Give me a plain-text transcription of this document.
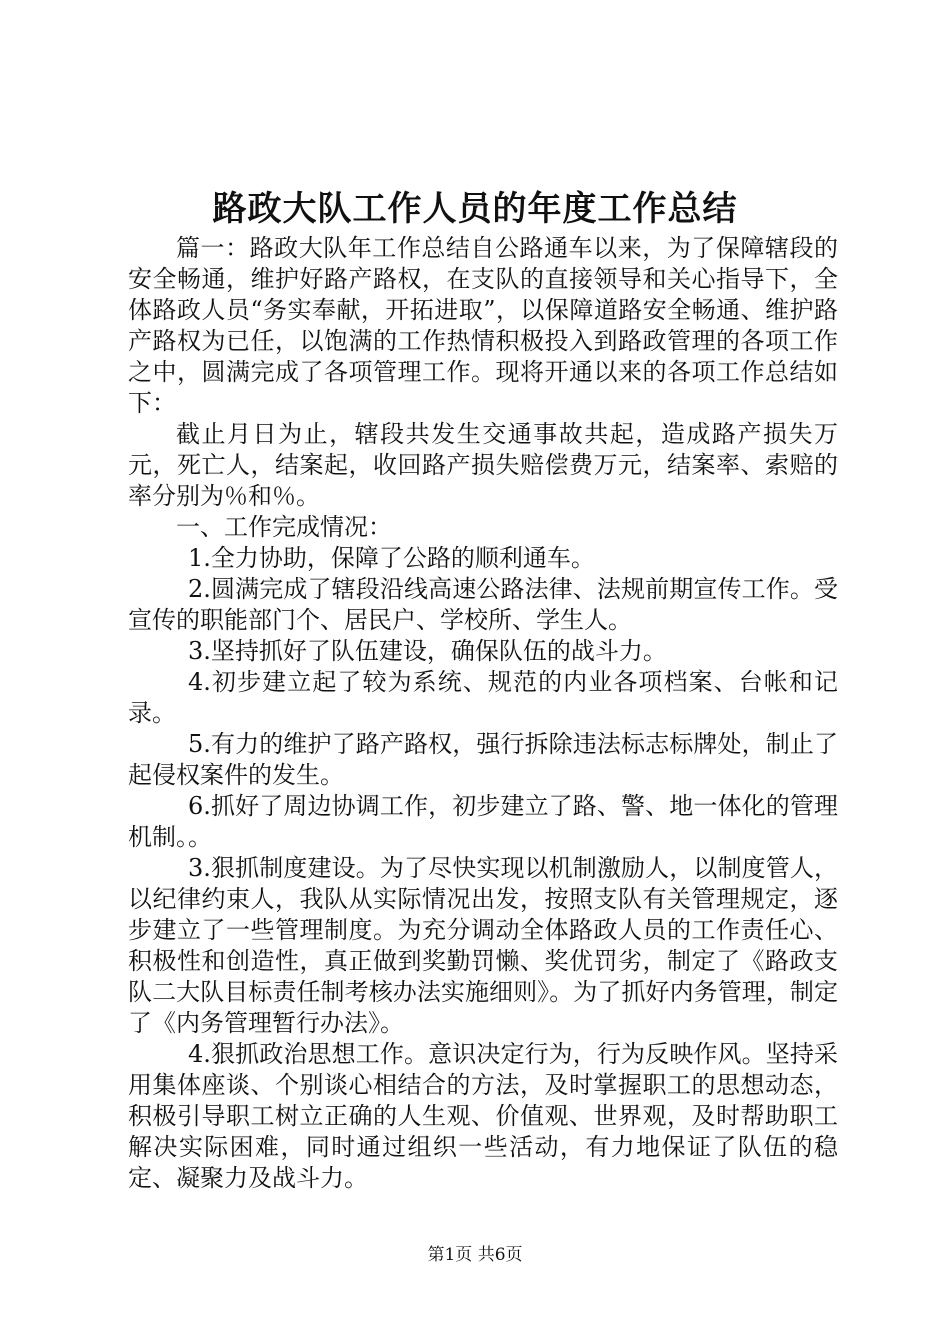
路政大队工作人员的年度工作总结

篇一：路政大队年工作总结自公路通车以来，为了保障辖段的安全畅通，维护好路产路权，在支队的直接领导和关心指导下，全体路政人员“务实奉献，开拓进取”，以保障道路安全畅通、维护路产路权为已任，以饱满的工作热情积极投入到路政管理的各项工作之中，圆满完成了各项管理工作。现将开通以来的各项工作总结如下：

截止月日为止，辖段共发生交通事故共起，造成路产损失万元，死亡人，结案起，收回路产损失赔偿费万元，结案率、索赔的率分别为％和％。

一、工作完成情况：

1.全力协助，保障了公路的顺利通车。

2.圆满完成了辖段沿线高速公路法律、法规前期宣传工作。受宣传的职能部门个、居民户、学校所、学生人。

3.坚持抓好了队伍建设，确保队伍的战斗力。

4.初步建立起了较为系统、规范的内业各项档案、台帐和记录。

5.有力的维护了路产路权，强行拆除违法标志标牌处，制止了起侵权案件的发生。

6.抓好了周边协调工作，初步建立了路、警、地一体化的管理机制。。

3.狠抓制度建设。为了尽快实现以机制激励人，以制度管人，以纪律约束人，我队从实际情况出发，按照支队有关管理规定，逐步建立了一些管理制度。为充分调动全体路政人员的工作责任心、积极性和创造性，真正做到奖勤罚懒、奖优罚劣，制定了《路政支队二大队目标责任制考核办法实施细则》。为了抓好内务管理，制定了《内务管理暂行办法》。

4.狠抓政治思想工作。意识决定行为，行为反映作风。坚持采用集体座谈、个别谈心相结合的方法，及时掌握职工的思想动态，积极引导职工树立正确的人生观、价值观、世界观，及时帮助职工解决实际困难，同时通过组织一些活动，有力地保证了队伍的稳定、凝聚力及战斗力。

第1页 共6页
